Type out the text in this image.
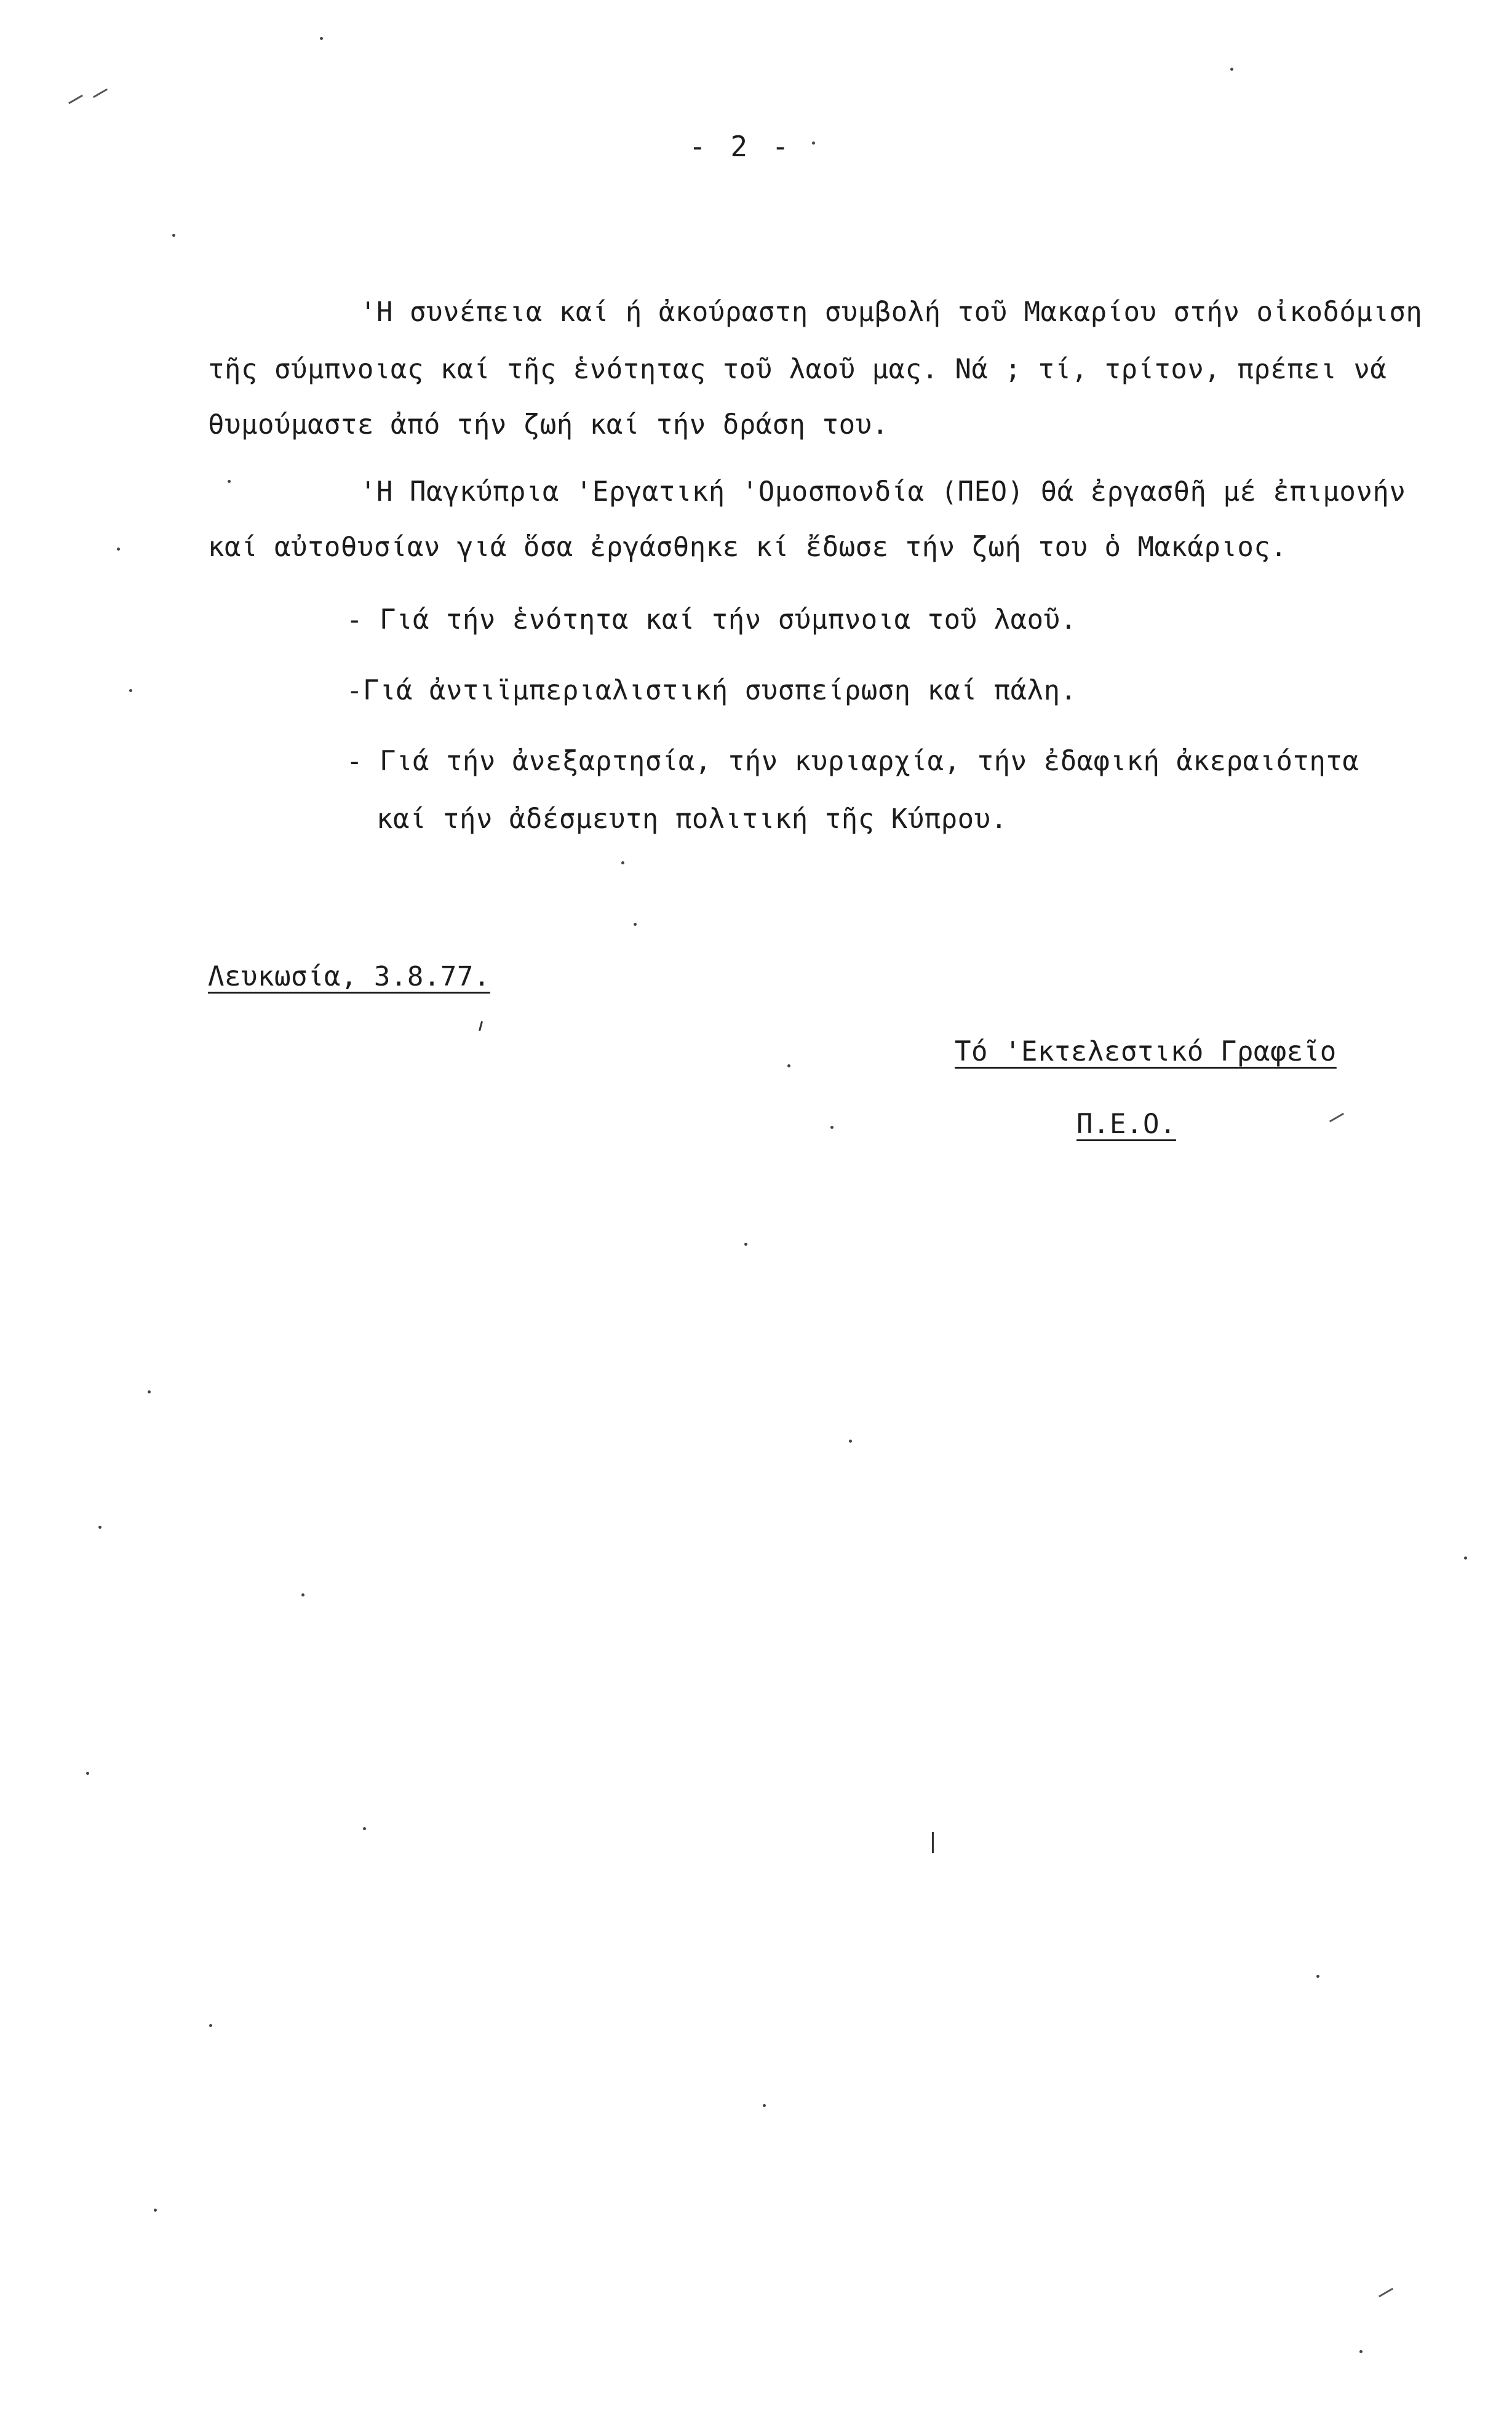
- 2 -
'Η συνέπεια καί ή ἀκούραστη συμβολή τοῦ Μακαρίου στήν οἰκοδόμιση
τῆς σύμπνοιας καί τῆς ἑνότητας τοῦ λαοῦ μας. Νά ; τί, τρίτον, πρέπει νά
θυμούμαστε ἀπό τήν ζωή καί τήν δράση του.
'Η Παγκύπρια 'Εργατική 'Ομοσπονδία (ΠΕΟ) θά ἐργασθῆ μέ ἐπιμονήν
καί αὐτοθυσίαν γιά ὅσα ἐργάσθηκε κί ἔδωσε τήν ζωή του ὁ Μακάριος.
- Γιά τήν ἑνότητα καί τήν σύμπνοια τοῦ λαοῦ.
-Γιά ἀντιϊμπεριαλιστική συσπείρωση καί πάλη.
- Γιά τήν ἀνεξαρτησία, τήν κυριαρχία, τήν ἐδαφική ἀκεραιότητα
καί τήν ἀδέσμευτη πολιτική τῆς Κύπρου.
Λευκωσία, 3.8.77.
Τό 'Εκτελεστικό Γραφεῖο
Π.Ε.Ο.
